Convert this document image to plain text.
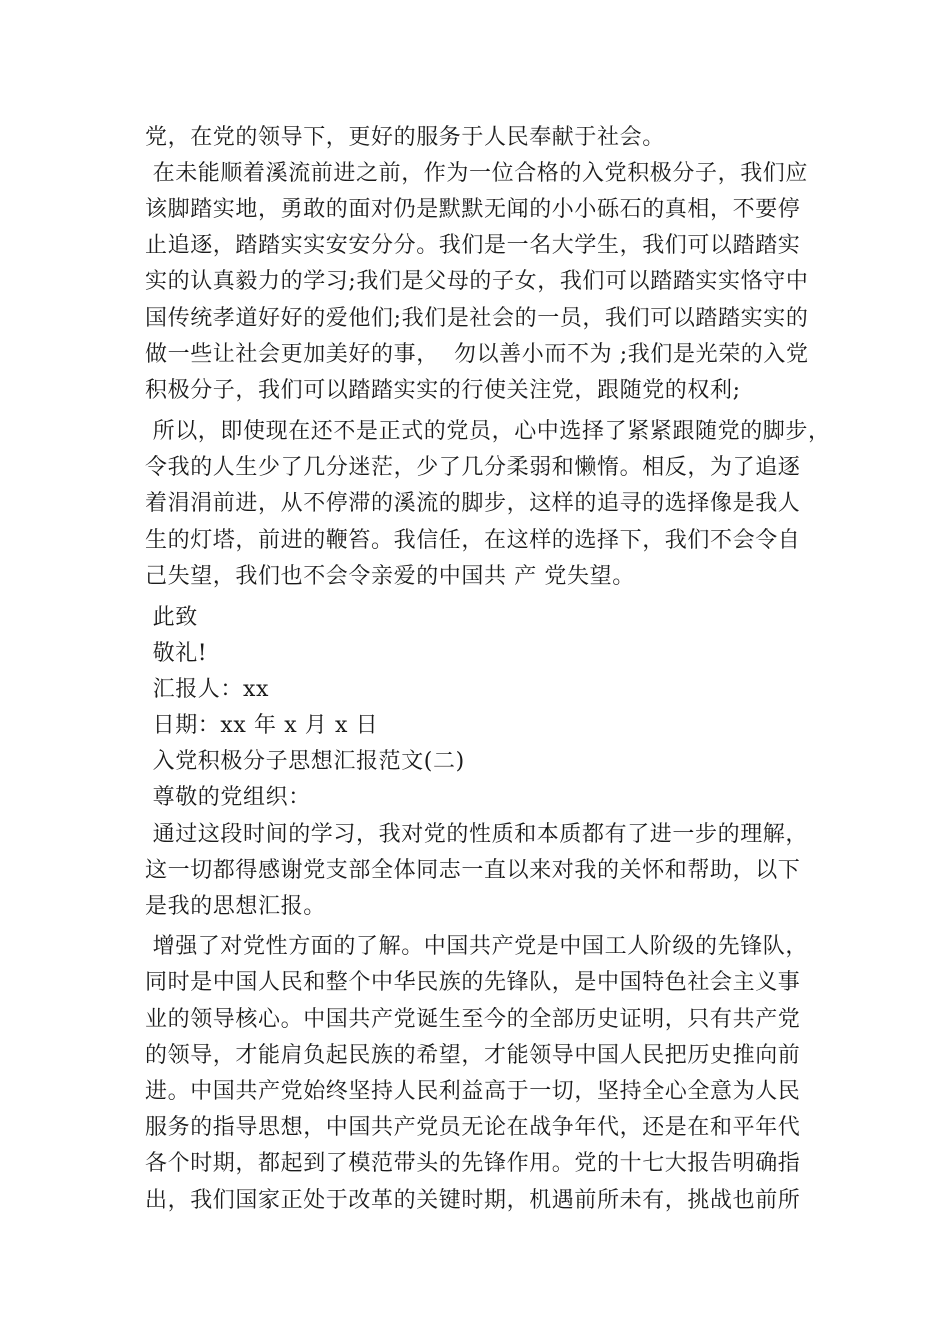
党，在党的领导下，更好的服务于人民奉献于社会。
在未能顺着溪流前进之前，作为一位合格的入党积极分子，我们应
该脚踏实地，勇敢的面对仍是默默无闻的小小砾石的真相，不要停
止追逐，踏踏实实安安分分。我们是一名大学生，我们可以踏踏实
实的认真毅力的学习;我们是父母的子女，我们可以踏踏实实恪守中
国传统孝道好好的爱他们;我们是社会的一员，我们可以踏踏实实的
做一些让社会更加美好的事，  勿以善小而不为 ;我们是光荣的入党
积极分子，我们可以踏踏实实的行使关注党，跟随党的权利;
所以，即使现在还不是正式的党员，心中选择了紧紧跟随党的脚步，
令我的人生少了几分迷茫，少了几分柔弱和懒惰。相反，为了追逐
着涓涓前进，从不停滞的溪流的脚步，这样的追寻的选择像是我人
生的灯塔，前进的鞭笞。我信任，在这样的选择下，我们不会令自
己失望，我们也不会令亲爱的中国共 产 党失望。
此致
敬礼!
汇报人：xx
日期：xx 年 x 月 x 日
入党积极分子思想汇报范文(二)
尊敬的党组织：
通过这段时间的学习，我对党的性质和本质都有了进一步的理解，
这一切都得感谢党支部全体同志一直以来对我的关怀和帮助，以下
是我的思想汇报。
增强了对党性方面的了解。中国共产党是中国工人阶级的先锋队，
同时是中国人民和整个中华民族的先锋队，是中国特色社会主义事
业的领导核心。中国共产党诞生至今的全部历史证明，只有共产党
的领导，才能肩负起民族的希望，才能领导中国人民把历史推向前
进。中国共产党始终坚持人民利益高于一切，坚持全心全意为人民
服务的指导思想，中国共产党员无论在战争年代，还是在和平年代
各个时期，都起到了模范带头的先锋作用。党的十七大报告明确指
出，我们国家正处于改革的关键时期，机遇前所未有，挑战也前所
